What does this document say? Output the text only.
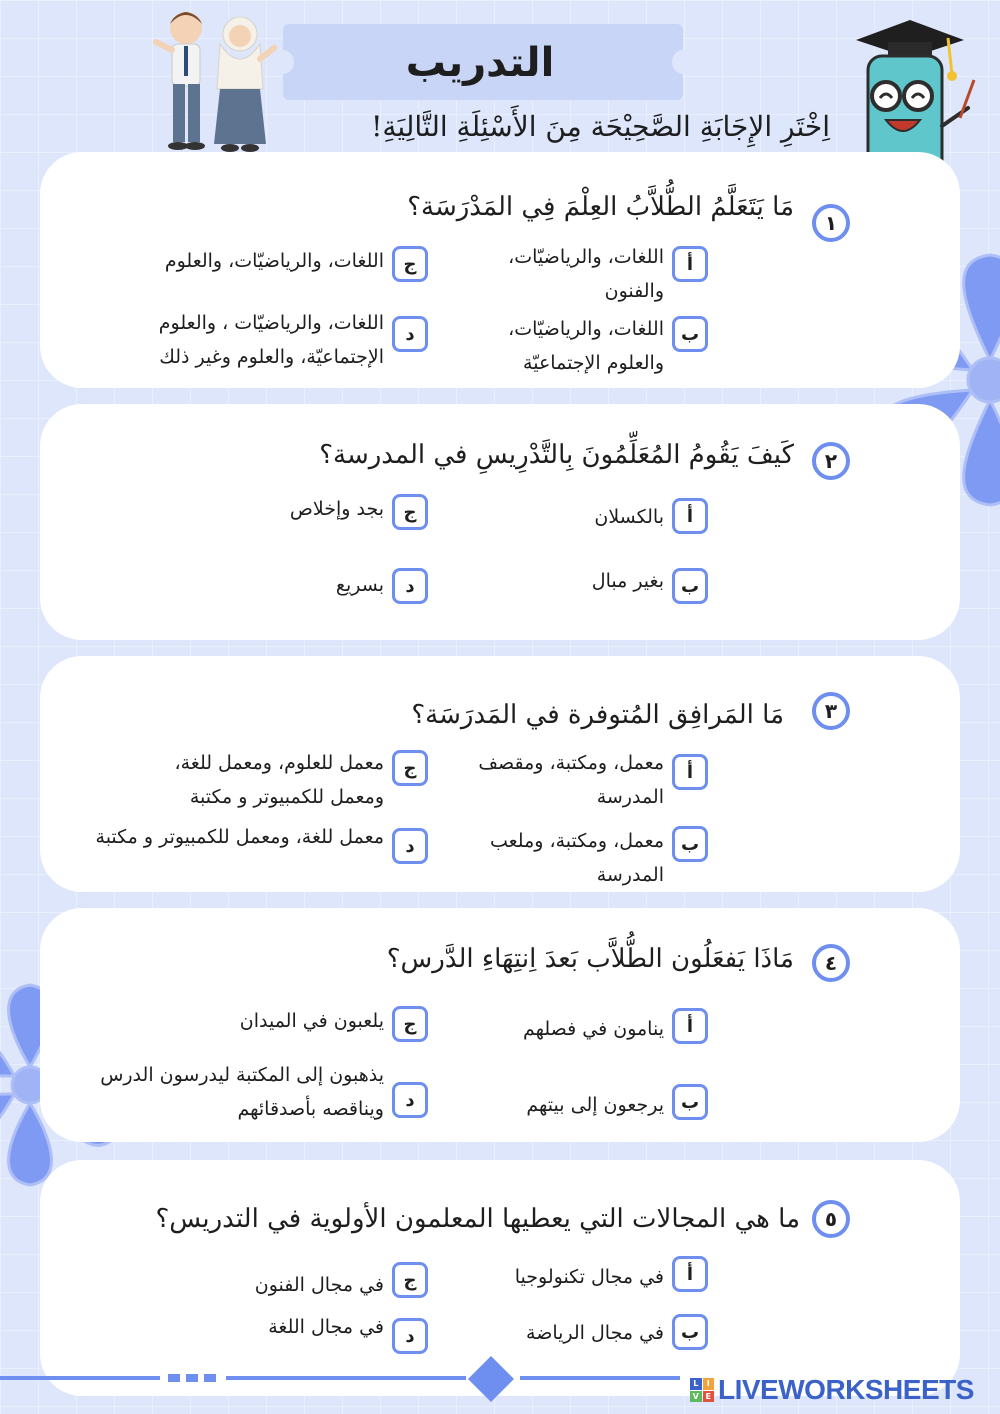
التدريب
اِخْتَرِ الإِجَابَةِ الصَّحِيْحَة مِنَ الأَسْئِلَةِ التَّالِيَةِ!
١
مَا يَتَعَلَّمُ الطُّلاَّبُ العِلْمَ فِي المَدْرَسَة؟
أ
اللغات، والرياضيّات، والفنون
ب
اللغات، والرياضيّات، والعلوم الإجتماعيّة
ج
اللغات، والرياضيّات، والعلوم
د
اللغات، والرياضيّات ، والعلوم الإجتماعيّة، والعلوم وغير ذلك
٢
كَيفَ يَقُومُ المُعَلِّمُونَ بِالتَّدْرِيسِ في المدرسة؟
أ
بالكسلان
ب
بغير مبال
ج
بجد وإخلاص
د
بسريع
٣
مَا المَرافِق المُتوفرة في المَدرَسَة؟
أ
معمل، ومكتبة، ومقصف المدرسة
ب
معمل، ومكتبة، وملعب المدرسة
ج
معمل للعلوم، ومعمل للغة، ومعمل للكمبيوتر و مكتبة
د
معمل للغة، ومعمل للكمبيوتر و مكتبة
٤
مَاذَا يَفعَلُون الطُّلاَّب بَعدَ اِنتِهَاءِ الدَّرس؟
أ
ينامون في فصلهم
ب
يرجعون إلى بيتهم
ج
يلعبون في الميدان
د
يذهبون إلى المكتبة ليدرسون الدرس ويناقصه بأصدقائهم
٥
ما هي المجالات التي يعطيها المعلمون الأولوية في التدريس؟
أ
في مجال تكنولوجيا
ب
في مجال الرياضة
ج
في مجال الفنون
د
في مجال اللغة
L	I
V E LIVEWORKSHEETS
